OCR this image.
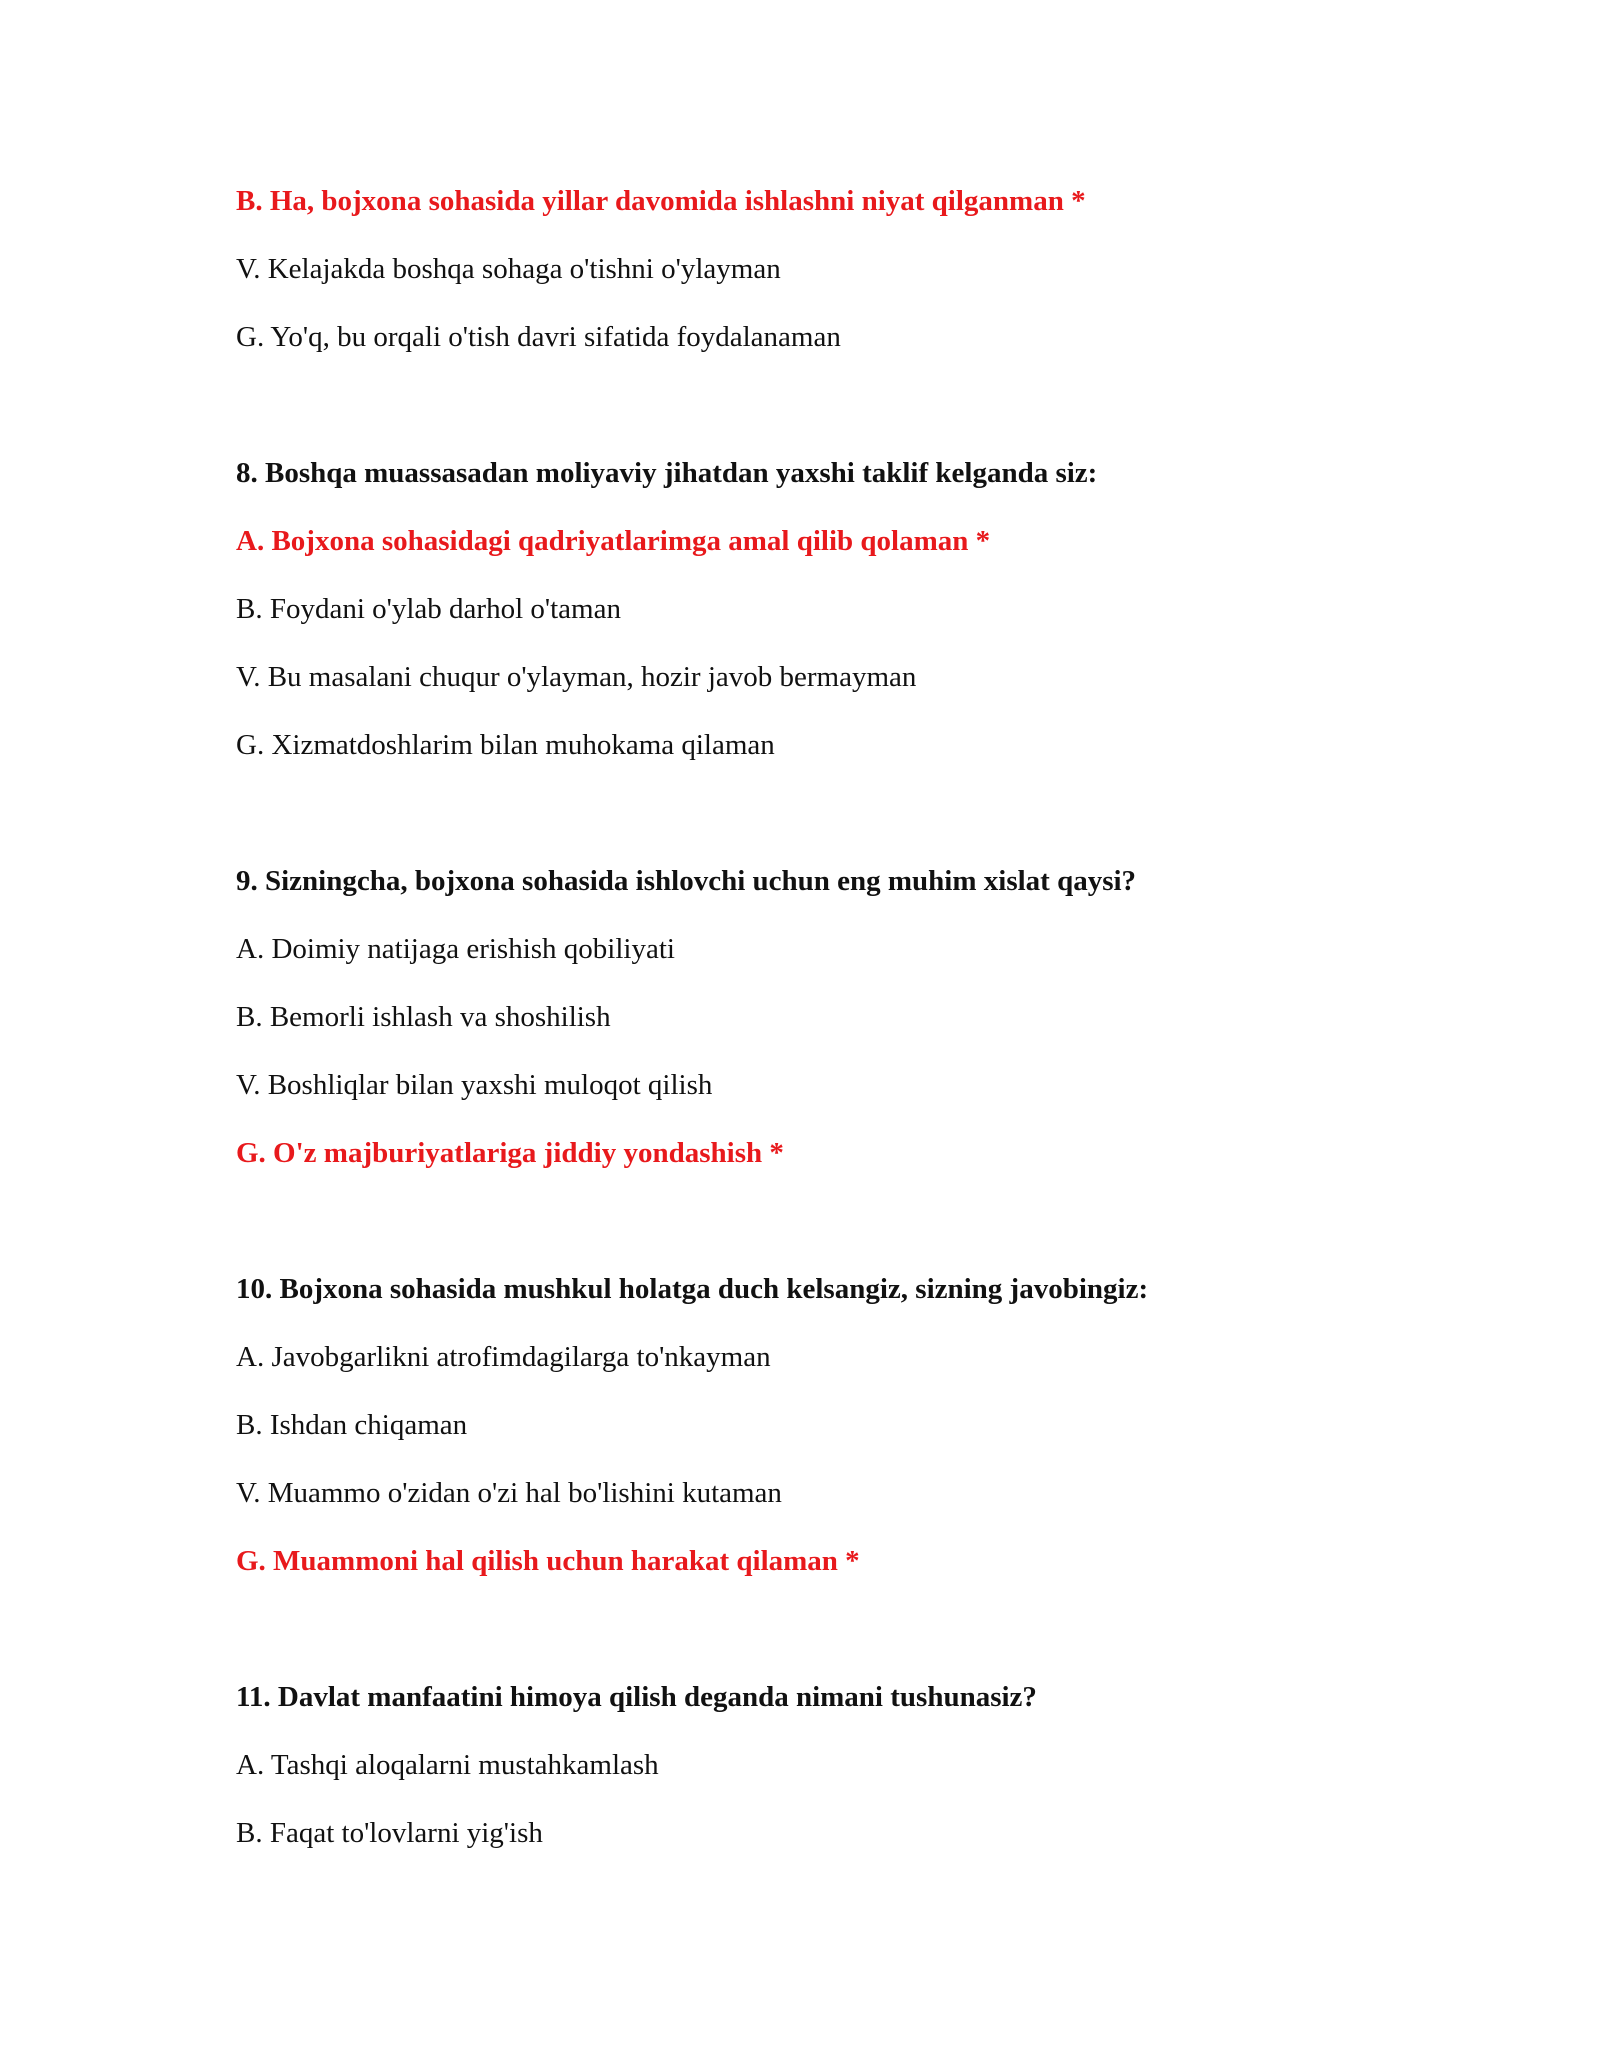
B. Ha, bojxona sohasida yillar davomida ishlashni niyat qilganman *
V. Kelajakda boshqa sohaga o'tishni o'ylayman
G. Yo'q, bu orqali o'tish davri sifatida foydalanaman
8. Boshqa muassasadan moliyaviy jihatdan yaxshi taklif kelganda siz:
A. Bojxona sohasidagi qadriyatlarimga amal qilib qolaman *
B. Foydani o'ylab darhol o'taman
V. Bu masalani chuqur o'ylayman, hozir javob bermayman
G. Xizmatdoshlarim bilan muhokama qilaman
9. Sizningcha, bojxona sohasida ishlovchi uchun eng muhim xislat qaysi?
A. Doimiy natijaga erishish qobiliyati
B. Bemorli ishlash va shoshilish
V. Boshliqlar bilan yaxshi muloqot qilish
G. O'z majburiyatlariga jiddiy yondashish *
10. Bojxona sohasida mushkul holatga duch kelsangiz, sizning javobingiz:
A. Javobgarlikni atrofimdagilarga to'nkayman
B. Ishdan chiqaman
V. Muammo o'zidan o'zi hal bo'lishini kutaman
G. Muammoni hal qilish uchun harakat qilaman *
11. Davlat manfaatini himoya qilish deganda nimani tushunasiz?
A. Tashqi aloqalarni mustahkamlash
B. Faqat to'lovlarni yig'ish
